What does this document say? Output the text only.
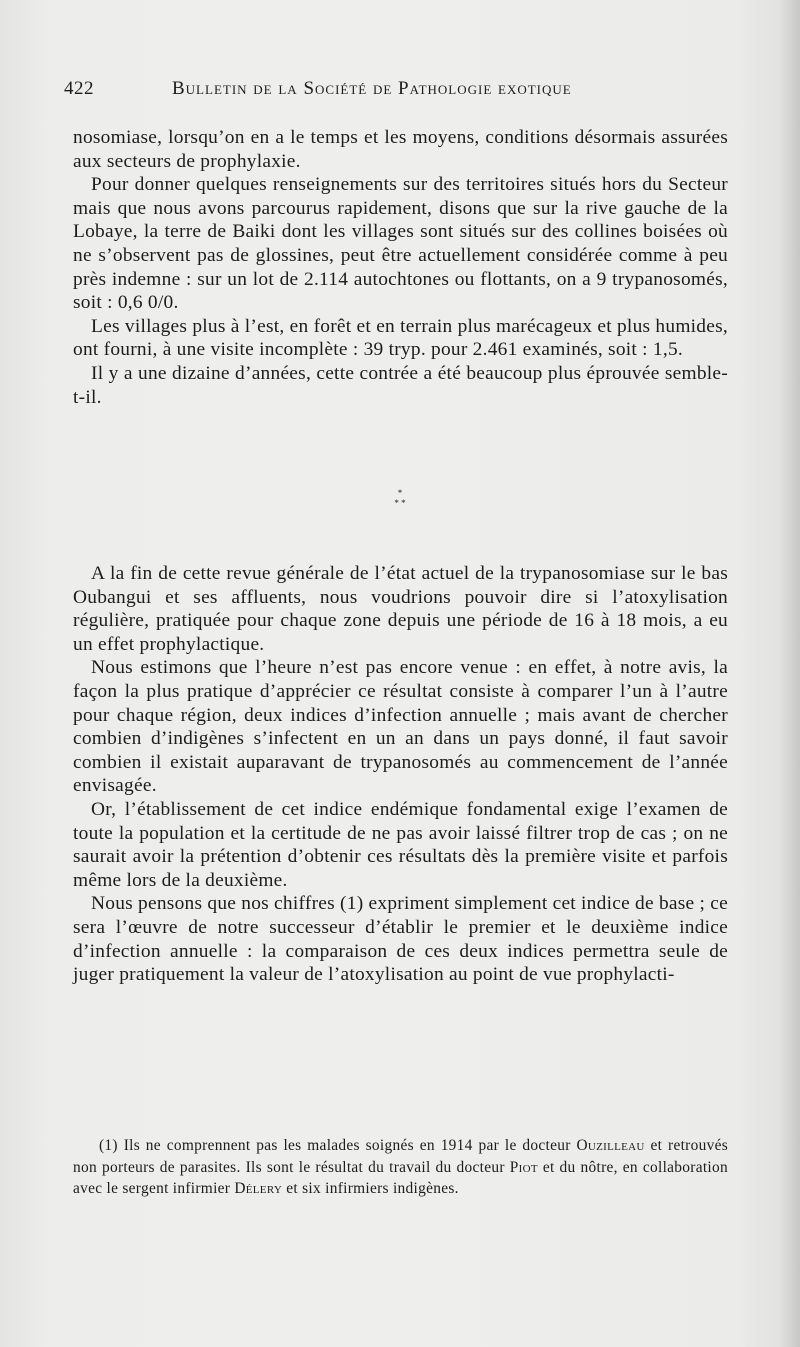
422	Bulletin de la Société de Pathologie exotique

nosomiase, lorsqu’on en a le temps et les moyens, conditions désormais assurées aux secteurs de prophylaxie.

Pour donner quelques renseignements sur des territoires situés hors du Secteur mais que nous avons parcourus rapidement, disons que sur la rive gauche de la Lobaye, la terre de Baiki dont les villages sont situés sur des collines boisées où ne s’observent pas de glossines, peut être actuellement considérée comme à peu près indemne : sur un lot de 2.114 autochtones ou flottants, on a 9 trypanosomés, soit : 0,6 0/0.

Les villages plus à l’est, en forêt et en terrain plus marécageux et plus humides, ont fourni, à une visite incomplète : 39 tryp. pour 2.461 examinés, soit : 1,5.

Il y a une dizaine d’années, cette contrée a été beaucoup plus éprouvée semble-t-il.

*
* *

A la fin de cette revue générale de l’état actuel de la trypanosomiase sur le bas Oubangui et ses affluents, nous voudrions pouvoir dire si l’atoxylisation régulière, pratiquée pour chaque zone depuis une période de 16 à 18 mois, a eu un effet prophylactique.

Nous estimons que l’heure n’est pas encore venue : en effet, à notre avis, la façon la plus pratique d’apprécier ce résultat consiste à comparer l’un à l’autre pour chaque région, deux indices d’infection annuelle ; mais avant de chercher combien d’indigènes s’infectent en un an dans un pays donné, il faut savoir combien il existait auparavant de trypanosomés au commencement de l’année envisagée.

Or, l’établissement de cet indice endémique fondamental exige l’examen de toute la population et la certitude de ne pas avoir laissé filtrer trop de cas ; on ne saurait avoir la prétention d’obtenir ces résultats dès la première visite et parfois même lors de la deuxième.

Nous pensons que nos chiffres (1) expriment simplement cet indice de base ; ce sera l’œuvre de notre successeur d’établir le premier et le deuxième indice d’infection annuelle : la comparaison de ces deux indices permettra seule de juger pratiquement la valeur de l’atoxylisation au point de vue prophylacti-

(1) Ils ne comprennent pas les malades soignés en 1914 par le docteur Ouzilleau et retrouvés non porteurs de parasites. Ils sont le résultat du travail du docteur Piot et du nôtre, en collaboration avec le sergent infirmier Délery et six infirmiers indigènes.
